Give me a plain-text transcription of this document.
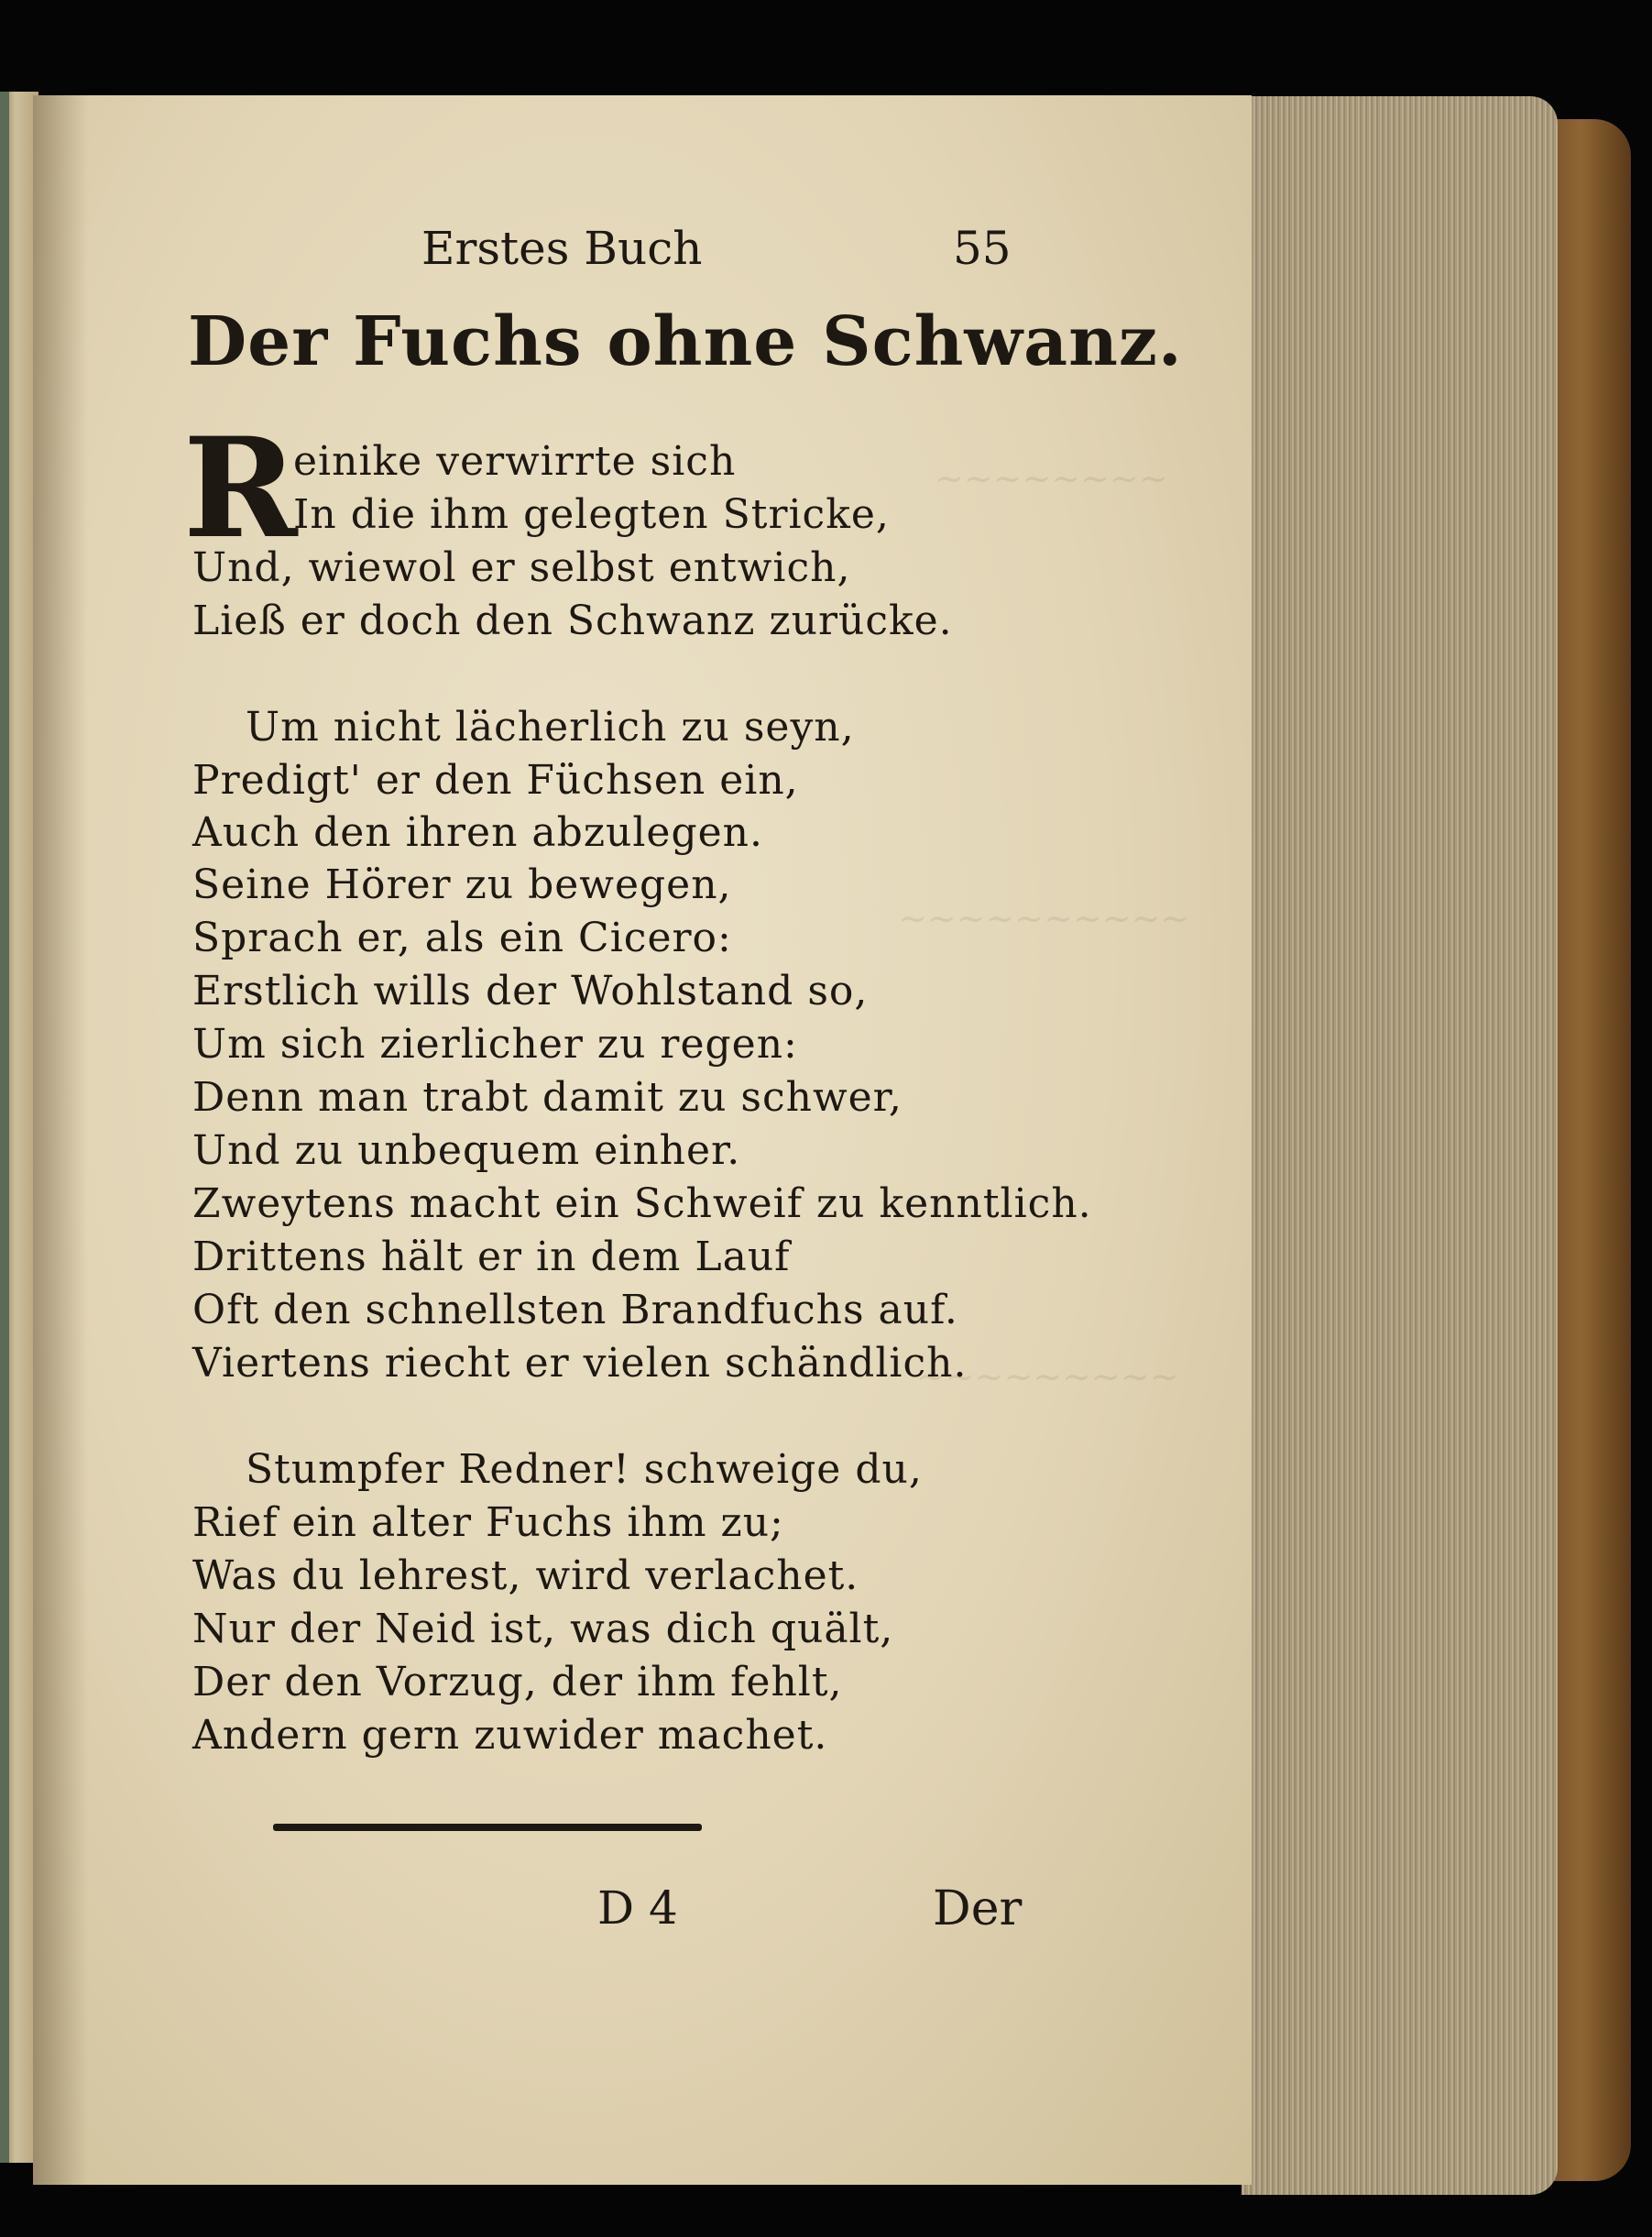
~~~~~~~~
~~~~~~~~~~
~~~~~~~~~
Erstes Buch	55
Der Fuchs ohne Schwanz.
R
einike verwirrte sich
In die ihm gelegten Stricke,
Und, wiewol er selbst entwich,
Ließ er doch den Schwanz zurücke.
Um nicht lächerlich zu seyn,
Predigt' er den Füchsen ein,
Auch den ihren abzulegen.
Seine Hörer zu bewegen,
Sprach er, als ein Cicero:
Erstlich wills der Wohlstand so,
Um sich zierlicher zu regen:
Denn man trabt damit zu schwer,
Und zu unbequem einher.
Zweytens macht ein Schweif zu kenntlich.
Drittens hält er in dem Lauf
Oft den schnellsten Brandfuchs auf.
Viertens riecht er vielen schändlich.
Stumpfer Redner! schweige du,
Rief ein alter Fuchs ihm zu;
Was du lehrest, wird verlachet.
Nur der Neid ist, was dich quält,
Der den Vorzug, der ihm fehlt,
Andern gern zuwider machet.
D 4	Der
